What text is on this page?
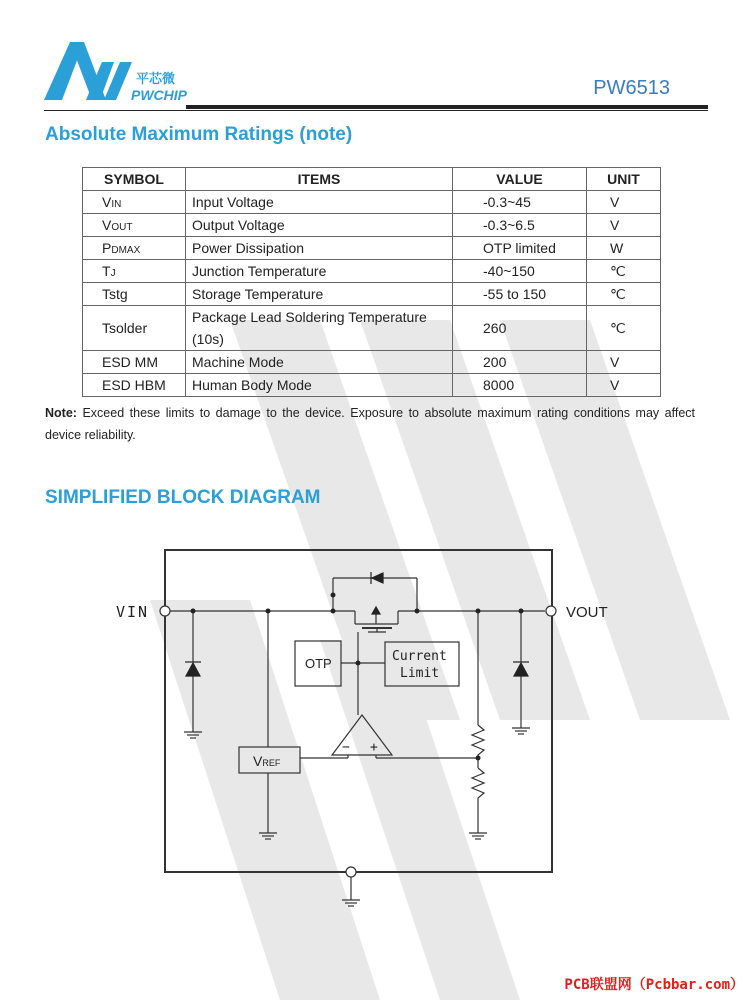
平芯微
PWCHIP	PW6513
Absolute Maximum Ratings (note)
SYMBOL	ITEMS	VALUE	UNIT
VIN	Input Voltage	-0.3~45	V
VOUT	Output Voltage	-0.3~6.5	V
PDMAX	Power Dissipation	OTP limited	W
TJ	Junction Temperature	-40~150	℃
Tstg	Storage Temperature	-55 to 150	℃
Tsolder	Package Lead Soldering Temperature (10s)	260	℃
ESD MM	Machine Mode	200	V
ESD HBM	Human Body Mode	8000	V
Note: Exceed these limits to damage to the device. Exposure to absolute maximum rating conditions may affect device reliability.
SIMPLIFIED BLOCK DIAGRAM
VIN	VOUT
OTP	Current
Limit
VREF
− +
PCB联盟网（Pcbbar.com）
